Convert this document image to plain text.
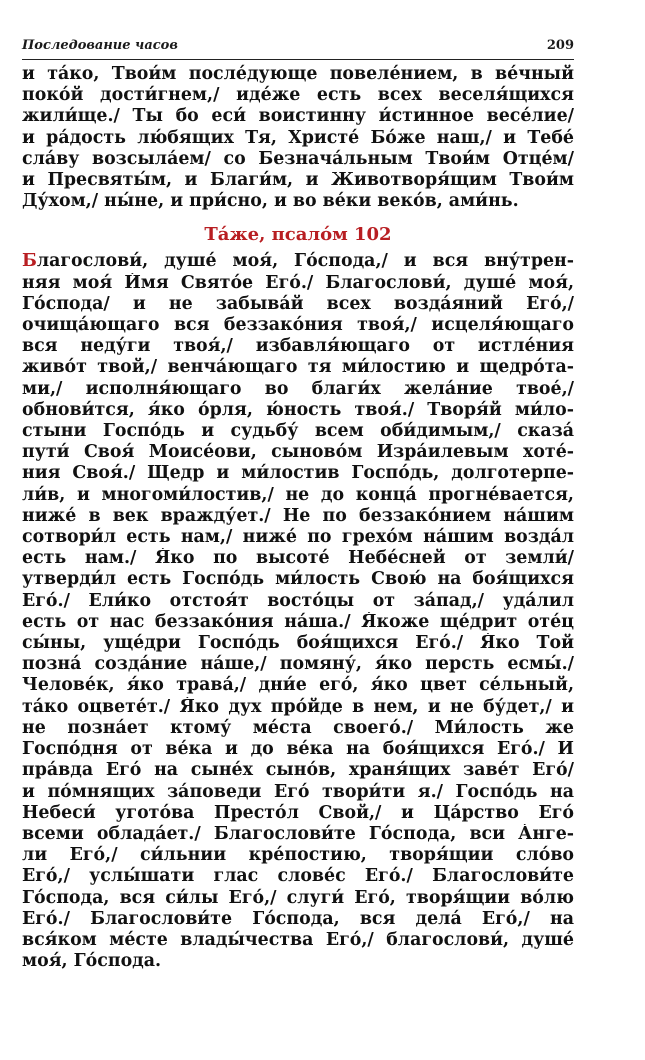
Последование часов	209
и та́ко, Твои́м после́дующе повеле́нием, в ве́чный
поко́й дости́гнем,/ иде́же есть всех веселя́щихся
жили́ще./ Ты бо еси́ воистинну и́стинное весе́лие/
и ра́дость лю́бящих Тя, Христе́ Бо́же наш,/ и Тебе́
сла́ву возсыла́ем/ со Безнача́льным Твои́м Отце́м/
и Пресвяты́м, и Благи́м, и Животворя́щим Твои́м
Ду́хом,/ ны́не, и при́сно, и во ве́ки веко́в, ами́нь.
Та́же, псало́м 102
Благослови́, душе́ моя́, Го́спода,/ и вся вну́трен-
няя моя́ И́мя Свято́е Его́./ Благослови́, душе́ моя́,
Го́спода/ и не забыва́й всех возда́яний Его́,/
очища́ющаго вся беззако́ния твоя́,/ исцеля́ющаго
вся неду́ги твоя́,/ избавля́ющаго от истле́ния
живо́т твой,/ венча́ющаго тя ми́лостию и щедро́та-
ми,/ исполня́ющаго во благи́х жела́ние твое́,/
обнови́тся, я́ко о́рля, ю́ность твоя́./ Творя́й ми́ло-
стыни Госпо́дь и судьбу́ всем оби́димым,/ сказа́
пути́ Своя́ Моисе́ови, сыново́м Изра́илевым хоте́-
ния Своя́./ Щедр и ми́лостив Госпо́дь, долготерпе-
ли́в, и многоми́лостив,/ не до конца́ прогне́вается,
ниже́ в век вражду́ет./ Не по беззако́нием на́шим
сотвори́л есть нам,/ ниже́ по грехо́м на́шим возда́л
есть нам./ Я́ко по высоте́ Небе́сней от земли́/
утверди́л есть Госпо́дь ми́лость Свою́ на боя́щихся
Его́./ Ели́ко отстоя́т восто́цы от за́пад,/ уда́лил
есть от нас беззако́ния на́ша./ Я́коже ще́дрит оте́ц
сы́ны, уще́дри Госпо́дь боя́щихся Его́./ Я́ко Той
позна́ созда́ние на́ше,/ помяну́, я́ко персть есмы́./
Челове́к, я́ко трава́,/ дни́е его́, я́ко цвет се́льный,
та́ко оцвете́т./ Я́ко дух про́йде в нем, и не бу́дет,/ и
не позна́ет ктому́ ме́ста своего́./ Ми́лость же
Госпо́дня от ве́ка и до ве́ка на боя́щихся Его́./ И
пра́вда Его́ на сыне́х сыно́в, храня́щих заве́т Его́/
и по́мнящих за́поведи Его́ твори́ти я./ Госпо́дь на
Небеси́ угото́ва Престо́л Свой,/ и Ца́рство Его́
всеми облада́ет./ Благослови́те Го́спода, вси А́нге-
ли Его́,/ си́льнии кре́постию, творя́щии сло́во
Его́,/ услы́шати глас слове́с Его́./ Благослови́те
Го́спода, вся си́лы Его́,/ слуги́ Его́, творя́щии во́лю
Его́./ Благослови́те Го́спода, вся дела́ Его́,/ на
вся́ком ме́сте влады́чества Его́,/ благослови́, душе́
моя́, Го́спода.
